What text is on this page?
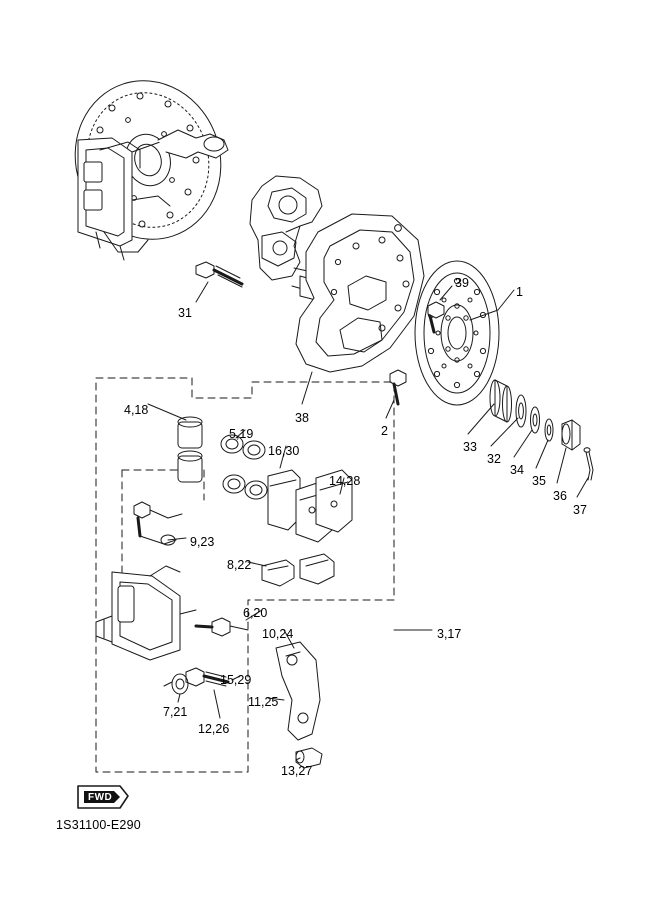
31
39
1
38
2
33
32
34
35
36
37
4,18
5,19
16,30
14,28
9,23
8,22
6,20
10,24	3,17
15,29
11,25
7,21
12,26
13,27
FWD
1S31100-E290
